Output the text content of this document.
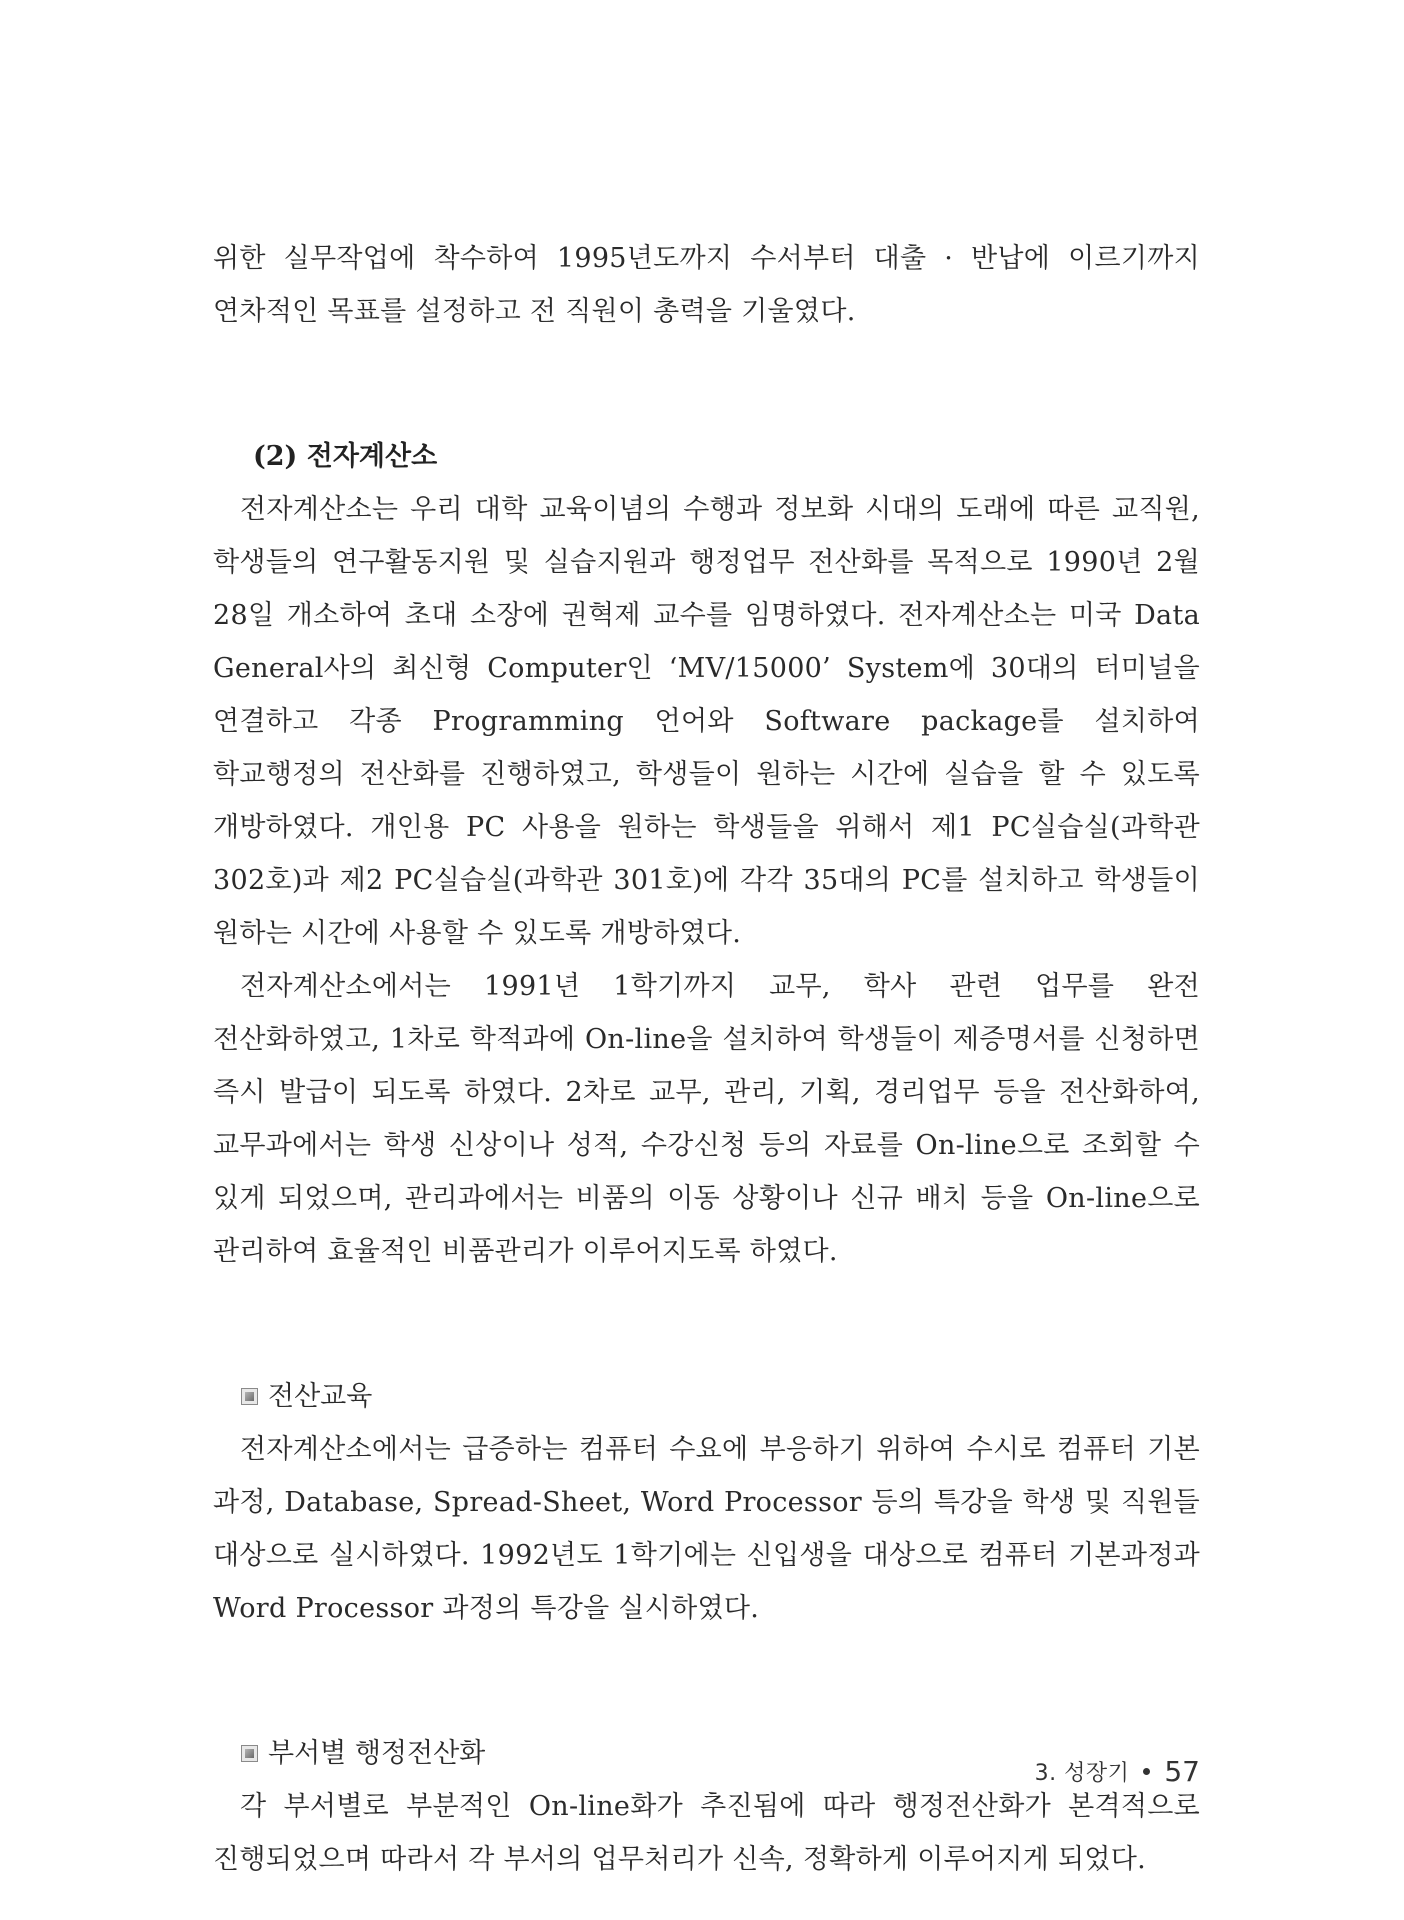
위한 실무작업에 착수하여 1995년도까지 수서부터 대출 · 반납에 이르기까지 연차적인 목표를 설정하고 전 직원이 총력을 기울였다.

(2) 전자계산소

전자계산소는 우리 대학 교육이념의 수행과 정보화 시대의 도래에 따른 교직원, 학생들의 연구활동지원 및 실습지원과 행정업무 전산화를 목적으로 1990년 2월 28일 개소하여 초대 소장에 권혁제 교수를 임명하였다. 전자계산소는 미국 Data General사의 최신형 Computer인 ‘MV/15000’ System에 30대의 터미널을 연결하고 각종 Programming 언어와 Software package를 설치하여 학교행정의 전산화를 진행하였고, 학생들이 원하는 시간에 실습을 할 수 있도록 개방하였다. 개인용 PC 사용을 원하는 학생들을 위해서 제1 PC실습실(과학관 302호)과 제2 PC실습실(과학관 301호)에 각각 35대의 PC를 설치하고 학생들이 원하는 시간에 사용할 수 있도록 개방하였다.

전자계산소에서는 1991년 1학기까지 교무, 학사 관련 업무를 완전 전산화하였고, 1차로 학적과에 On-line을 설치하여 학생들이 제증명서를 신청하면 즉시 발급이 되도록 하였다. 2차로 교무, 관리, 기획, 경리업무 등을 전산화하여, 교무과에서는 학생 신상이나 성적, 수강신청 등의 자료를 On-line으로 조회할 수 있게 되었으며, 관리과에서는 비품의 이동 상황이나 신규 배치 등을 On-line으로 관리하여 효율적인 비품관리가 이루어지도록 하였다.

전산교육

전자계산소에서는 급증하는 컴퓨터 수요에 부응하기 위하여 수시로 컴퓨터 기본 과정, Database, Spread-Sheet, Word Processor 등의 특강을 학생 및 직원들 대상으로 실시하였다. 1992년도 1학기에는 신입생을 대상으로 컴퓨터 기본과정과 Word Processor 과정의 특강을 실시하였다.

부서별 행정전산화

각 부서별로 부분적인 On-line화가 추진됨에 따라 행정전산화가 본격적으로 진행되었으며 따라서 각 부서의 업무처리가 신속, 정확하게 이루어지게 되었다.

3. 성장기 57
